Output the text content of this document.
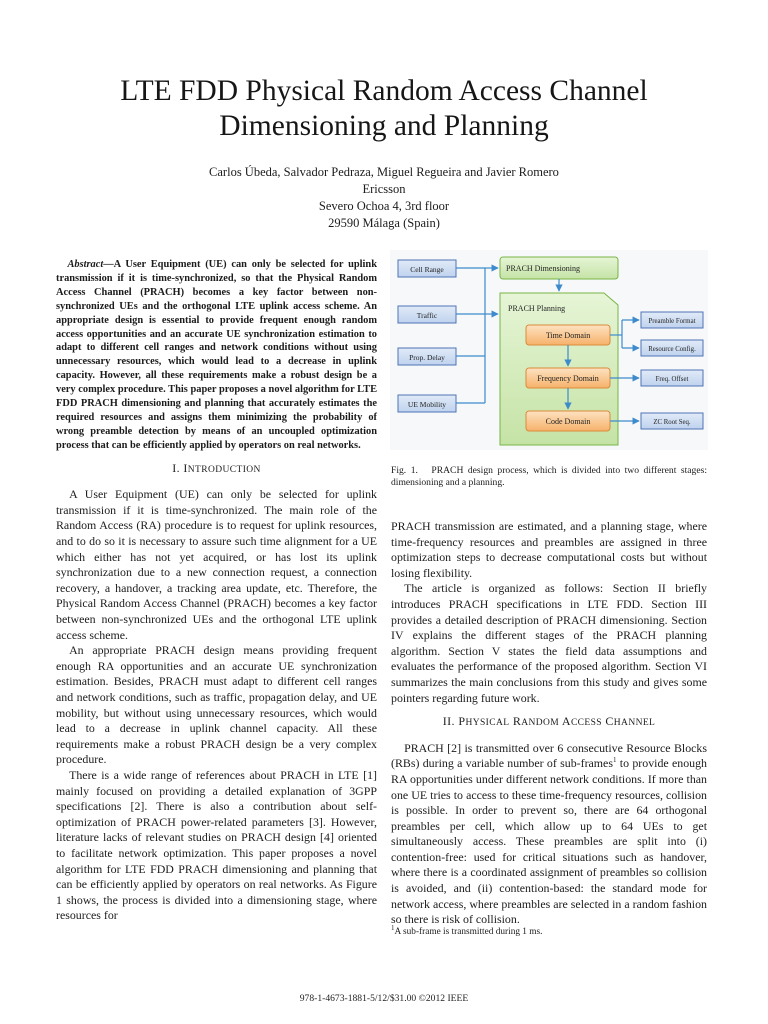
LTE FDD Physical Random Access Channel Dimensioning and Planning
Carlos Úbeda, Salvador Pedraza, Miguel Regueira and Javier Romero
Ericsson
Severo Ochoa 4, 3rd floor
29590 Málaga (Spain)

Abstract—A User Equipment (UE) can only be selected for uplink transmission if it is time-synchronized, so that the Physical Random Access Channel (PRACH) becomes a key factor between non-synchronized UEs and the orthogonal LTE uplink access scheme. An appropriate design is essential to provide frequent enough random access opportunities and an accurate UE synchronization estimation to adapt to different cell ranges and network conditions without using unnecessary resources, which would lead to a decrease in uplink capacity. However, all these requirements make a robust design be a very complex procedure. This paper proposes a novel algorithm for LTE FDD PRACH dimensioning and planning that accurately estimates the required resources and assigns them minimizing the probability of wrong preamble detection by means of an uncoupled optimization process that can be efficiently applied by operators on real networks.

I. INTRODUCTION

A User Equipment (UE) can only be selected for uplink transmission if it is time-synchronized. The main role of the Random Access (RA) procedure is to request for uplink resources, and to do so it is necessary to assure such time alignment for a UE which either has not yet acquired, or has lost its uplink synchronization due to a new connection request, a connection recovery, a handover, a tracking area update, etc. Therefore, the Physical Random Access Channel (PRACH) becomes a key factor between non-synchronized UEs and the orthogonal LTE uplink access scheme.

An appropriate PRACH design means providing frequent enough RA opportunities and an accurate UE synchronization estimation. Besides, PRACH must adapt to different cell ranges and network conditions, such as traffic, propagation delay, and UE mobility, but without using unnecessary resources, which would lead to a decrease in uplink channel capacity. All these requirements make a robust PRACH design be a very complex procedure.

There is a wide range of references about PRACH in LTE [1] mainly focused on providing a detailed explanation of 3GPP specifications [2]. There is also a contribution about self-optimization of PRACH power-related parameters [3]. However, literature lacks of relevant studies on PRACH design [4] oriented to facilitate network optimization. This paper proposes a novel algorithm for LTE FDD PRACH dimensioning and planning that can be efficiently applied by operators on real networks. As Figure 1 shows, the process is divided into a dimensioning stage, where resources for

Cell Range
Traffic
Prop. Delay
UE Mobility
PRACH Dimensioning
PRACH Planning
Time Domain
Frequency Domain
Code Domain
Preamble Format
Resource Config.
Freq. Offset
ZC Root Seq.
Fig. 1. PRACH design process, which is divided into two different stages: dimensioning and a planning.

PRACH transmission are estimated, and a planning stage, where time-frequency resources and preambles are assigned in three optimization steps to decrease computational costs but without losing flexibility.

The article is organized as follows: Section II briefly introduces PRACH specifications in LTE FDD. Section III provides a detailed description of PRACH dimensioning. Section IV explains the different stages of the PRACH planning algorithm. Section V states the field data assumptions and evaluates the performance of the proposed algorithm. Section VI summarizes the main conclusions from this study and gives some pointers regarding future work.

II. PHYSICAL RANDOM ACCESS CHANNEL

PRACH [2] is transmitted over 6 consecutive Resource Blocks (RBs) during a variable number of sub-frames$^1$ to provide enough RA opportunities under different network conditions. If more than one UE tries to access to these time-frequency resources, collision is possible. In order to prevent so, there are 64 orthogonal preambles per cell, which allow up to 64 UEs to get simultaneously access. These preambles are split into (i) contention-free: used for critical situations such as handover, where there is a coordinated assignment of preambles so collision is avoided, and (ii) contention-based: the standard mode for network access, where preambles are selected in a random fashion so there is risk of collision.

$^1$A sub-frame is transmitted during 1 ms.
978-1-4673-1881-5/12/$31.00 ©2012 IEEE
